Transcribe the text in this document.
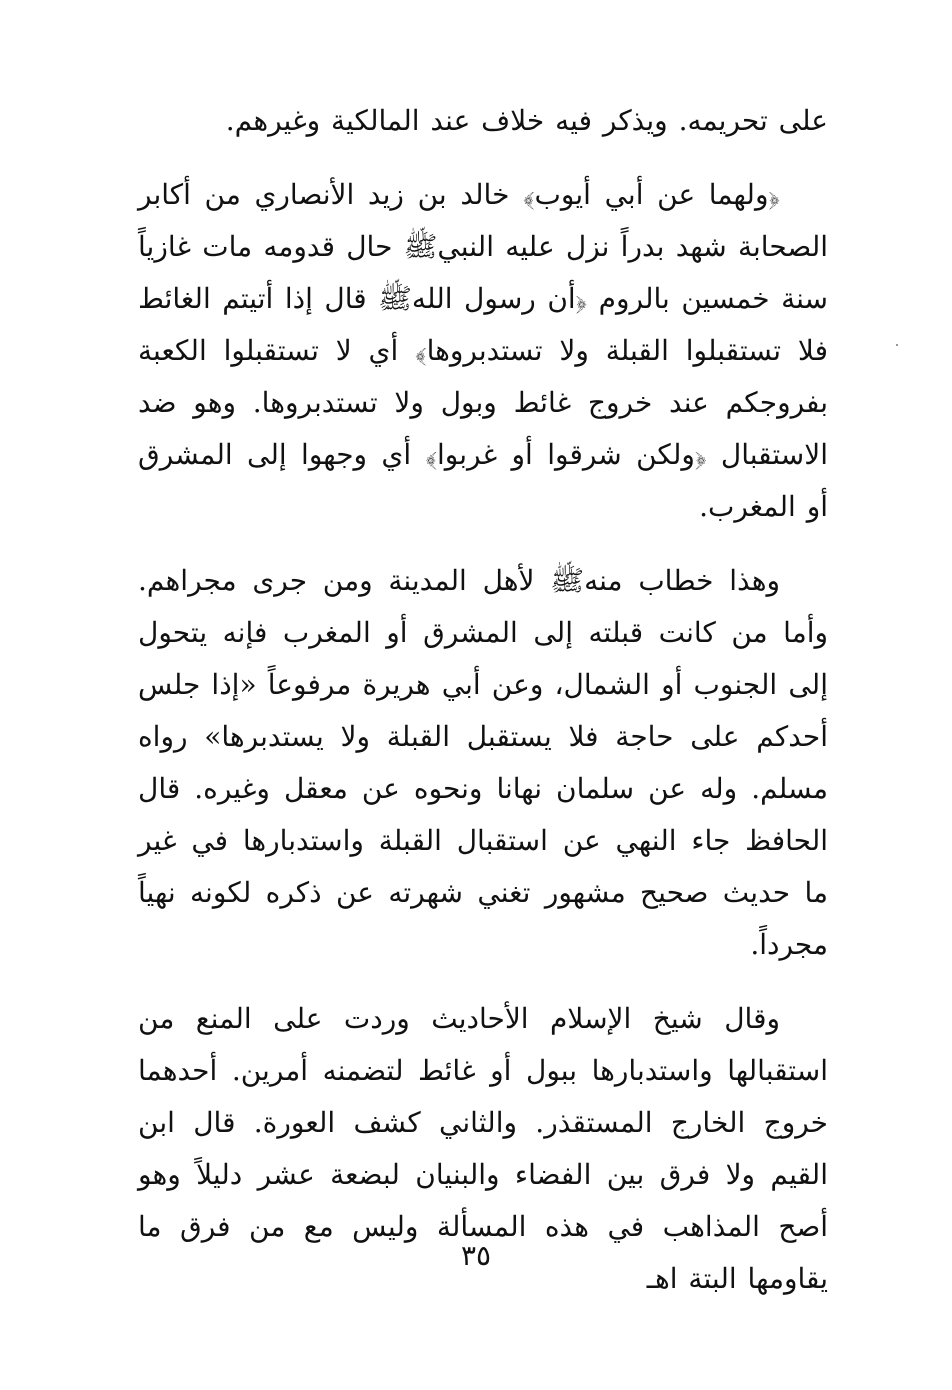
على تحريمه. ويذكر فيه خلاف عند المالكية وغيرهم.

﴿ولهما عن أبي أيوب﴾ خالد بن زيد الأنصاري من أكابر الصحابة شهد بدراً نزل عليه النبيﷺ حال قدومه مات غازياً سنة خمسين بالروم ﴿أن رسول اللهﷺ قال إذا أتيتم الغائط فلا تستقبلوا القبلة ولا تستدبروها﴾ أي لا تستقبلوا الكعبة بفروجكم عند خروج غائط وبول ولا تستدبروها. وهو ضد الاستقبال ﴿ولكن شرقوا أو غربوا﴾ أي وجهوا إلى المشرق أو المغرب.

وهذا خطاب منهﷺ لأهل المدينة ومن جرى مجراهم. وأما من كانت قبلته إلى المشرق أو المغرب فإنه يتحول إلى الجنوب أو الشمال، وعن أبي هريرة مرفوعاً «إذا جلس أحدكم على حاجة فلا يستقبل القبلة ولا يستدبرها» رواه مسلم. وله عن سلمان نهانا ونحوه عن معقل وغيره. قال الحافظ جاء النهي عن استقبال القبلة واستدبارها في غير ما حديث صحيح مشهور تغني شهرته عن ذكره لكونه نهياً مجرداً.

وقال شيخ الإسلام الأحاديث وردت على المنع من استقبالها واستدبارها ببول أو غائط لتضمنه أمرين. أحدهما خروج الخارج المستقذر. والثاني كشف العورة. قال ابن القيم ولا فرق بين الفضاء والبنيان لبضعة عشر دليلاً وهو أصح المذاهب في هذه المسألة وليس مع من فرق ما يقاومها البتة اهـ

٣٥
